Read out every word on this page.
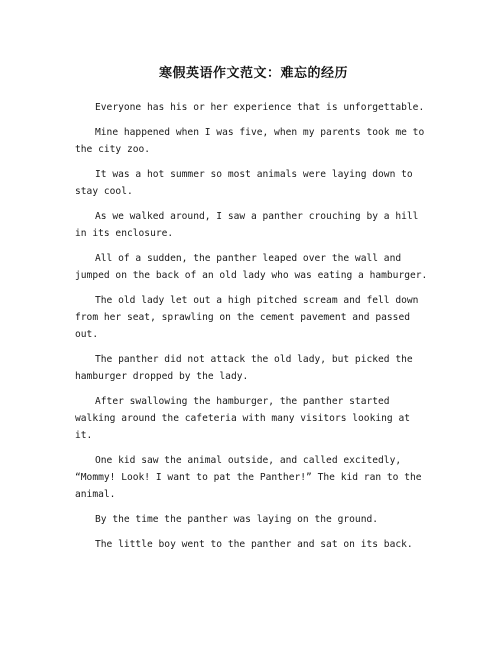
寒假英语作文范文：难忘的经历

Everyone has his or her experience that is unforgettable.

Mine happened when I was five, when my parents took me to the city zoo.

It was a hot summer so most animals were laying down to stay cool.

As we walked around, I saw a panther crouching by a hill in its enclosure.

All of a sudden, the panther leaped over the wall and jumped on the back of an old lady who was eating a hamburger.

The old lady let out a high pitched scream and fell down from her seat, sprawling on the cement pavement and passed out.

The panther did not attack the old lady, but picked the hamburger dropped by the lady.

After swallowing the hamburger, the panther started walking around the cafeteria with many visitors looking at it.

One kid saw the animal outside, and called excitedly, “Mommy! Look! I want to pat the Panther!” The kid ran to the animal.

By the time the panther was laying on the ground.

The little boy went to the panther and sat on its back.
